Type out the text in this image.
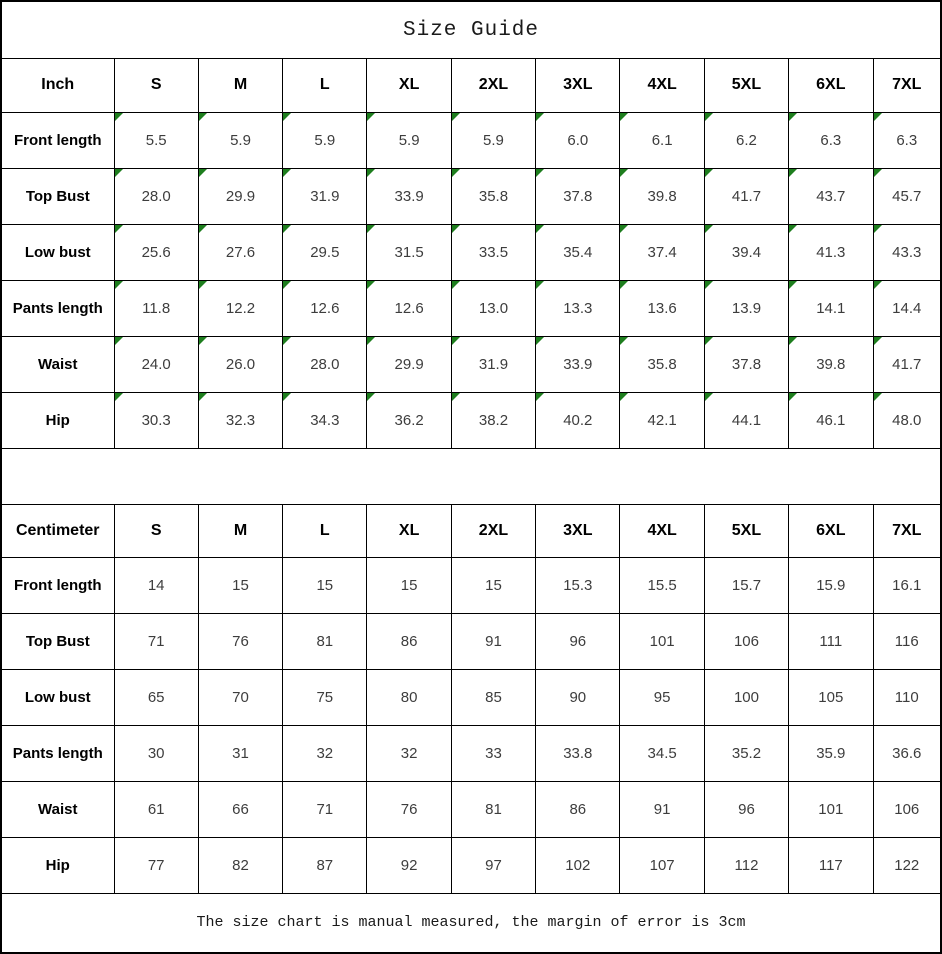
Size Guide
Inch	S	M	L	XL	2XL	3XL	4XL	5XL	6XL	7XL
Front length	5.5	5.9	5.9	5.9	5.9	6.0	6.1	6.2	6.3	6.3
Top Bust	28.0	29.9	31.9	33.9	35.8	37.8	39.8	41.7	43.7	45.7
Low bust	25.6	27.6	29.5	31.5	33.5	35.4	37.4	39.4	41.3	43.3
Pants length	11.8	12.2	12.6	12.6	13.0	13.3	13.6	13.9	14.1	14.4
Waist	24.0	26.0	28.0	29.9	31.9	33.9	35.8	37.8	39.8	41.7
Hip	30.3	32.3	34.3	36.2	38.2	40.2	42.1	44.1	46.1	48.0
Centimeter	S	M	L	XL	2XL	3XL	4XL	5XL	6XL	7XL
Front length	14	15	15	15	15	15.3	15.5	15.7	15.9	16.1
Top Bust	71	76	81	86	91	96	101	106	111	116
Low bust	65	70	75	80	85	90	95	100	105	110
Pants length	30	31	32	32	33	33.8	34.5	35.2	35.9	36.6
Waist	61	66	71	76	81	86	91	96	101	106
Hip	77	82	87	92	97	102	107	112	117	122
The size chart is manual measured, the margin of error is 3cm
